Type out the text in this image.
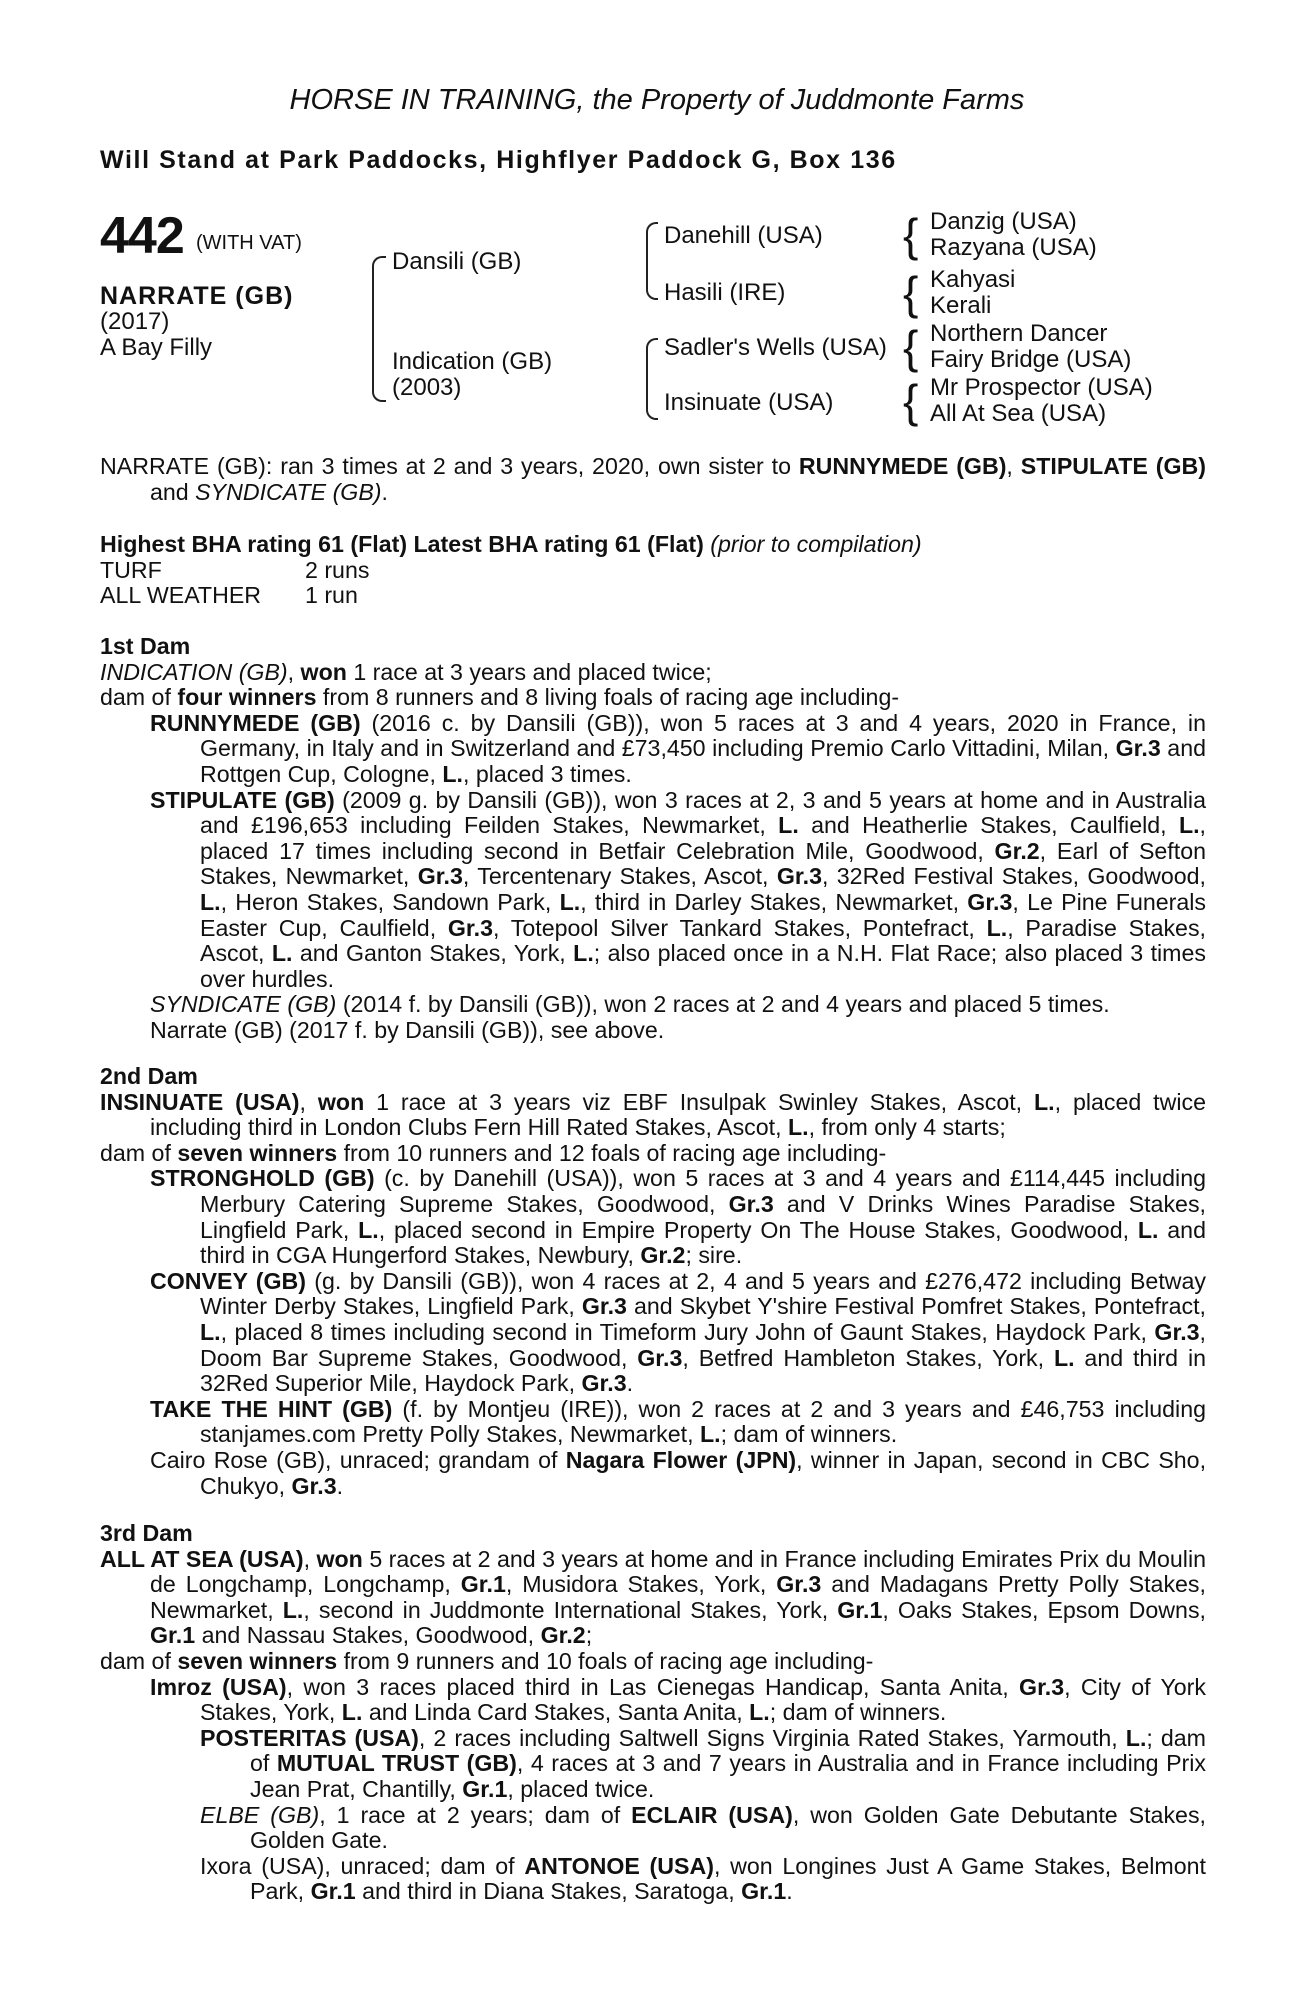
HORSE IN TRAINING, the Property of Juddmonte Farms
Will Stand at Park Paddocks, Highflyer Paddock G, Box 136
442 (WITH VAT)
NARRATE (GB)
(2017)
A Bay Filly
Dansili (GB)
Indication (GB)
(2003)
Danehill (USA)
Hasili (IRE)
Sadler's Wells (USA)
Insinuate (USA)
{ Danzig (USA)
Razyana (USA)
{ Kahyasi
Kerali
{ Northern Dancer
Fairy Bridge (USA)
{ Mr Prospector (USA)
All At Sea (USA)

NARRATE (GB): ran 3 times at 2 and 3 years, 2020, own sister to RUNNYMEDE (GB), STIPULATE (GB) and SYNDICATE (GB).

Highest BHA rating 61 (Flat) Latest BHA rating 61 (Flat) (prior to compilation)

TURF	2 runs

ALL WEATHER 1 run

1st Dam

INDICATION (GB), won 1 race at 3 years and placed twice;

dam of four winners from 8 runners and 8 living foals of racing age including-

RUNNYMEDE (GB) (2016 c. by Dansili (GB)), won 5 races at 3 and 4 years, 2020 in France, in Germany, in Italy and in Switzerland and £73,450 including Premio Carlo Vittadini, Milan, Gr.3 and Rottgen Cup, Cologne, L., placed 3 times.

STIPULATE (GB) (2009 g. by Dansili (GB)), won 3 races at 2, 3 and 5 years at home and in Australia and £196,653 including Feilden Stakes, Newmarket, L. and Heatherlie Stakes, Caulfield, L., placed 17 times including second in Betfair Celebration Mile, Goodwood, Gr.2, Earl of Sefton Stakes, Newmarket, Gr.3, Tercentenary Stakes, Ascot, Gr.3, 32Red Festival Stakes, Goodwood, L., Heron Stakes, Sandown Park, L., third in Darley Stakes, Newmarket, Gr.3, Le Pine Funerals Easter Cup, Caulfield, Gr.3, Totepool Silver Tankard Stakes, Pontefract, L., Paradise Stakes, Ascot, L. and Ganton Stakes, York, L.; also placed once in a N.H. Flat Race; also placed 3 times over hurdles.

SYNDICATE (GB) (2014 f. by Dansili (GB)), won 2 races at 2 and 4 years and placed 5 times.

Narrate (GB) (2017 f. by Dansili (GB)), see above.

2nd Dam

INSINUATE (USA), won 1 race at 3 years viz EBF Insulpak Swinley Stakes, Ascot, L., placed twice including third in London Clubs Fern Hill Rated Stakes, Ascot, L., from only 4 starts;

dam of seven winners from 10 runners and 12 foals of racing age including-

STRONGHOLD (GB) (c. by Danehill (USA)), won 5 races at 3 and 4 years and £114,445 including Merbury Catering Supreme Stakes, Goodwood, Gr.3 and V Drinks Wines Paradise Stakes, Lingfield Park, L., placed second in Empire Property On The House Stakes, Goodwood, L. and third in CGA Hungerford Stakes, Newbury, Gr.2; sire.

CONVEY (GB) (g. by Dansili (GB)), won 4 races at 2, 4 and 5 years and £276,472 including Betway Winter Derby Stakes, Lingfield Park, Gr.3 and Skybet Y'shire Festival Pomfret Stakes, Pontefract, L., placed 8 times including second in Timeform Jury John of Gaunt Stakes, Haydock Park, Gr.3, Doom Bar Supreme Stakes, Goodwood, Gr.3, Betfred Hambleton Stakes, York, L. and third in 32Red Superior Mile, Haydock Park, Gr.3.

TAKE THE HINT (GB) (f. by Montjeu (IRE)), won 2 races at 2 and 3 years and £46,753 including stanjames.com Pretty Polly Stakes, Newmarket, L.; dam of winners.

Cairo Rose (GB), unraced; grandam of Nagara Flower (JPN), winner in Japan, second in CBC Sho, Chukyo, Gr.3.

3rd Dam

ALL AT SEA (USA), won 5 races at 2 and 3 years at home and in France including Emirates Prix du Moulin de Longchamp, Longchamp, Gr.1, Musidora Stakes, York, Gr.3 and Madagans Pretty Polly Stakes, Newmarket, L., second in Juddmonte International Stakes, York, Gr.1, Oaks Stakes, Epsom Downs, Gr.1 and Nassau Stakes, Goodwood, Gr.2;

dam of seven winners from 9 runners and 10 foals of racing age including-

Imroz (USA), won 3 races placed third in Las Cienegas Handicap, Santa Anita, Gr.3, City of York Stakes, York, L. and Linda Card Stakes, Santa Anita, L.; dam of winners.

POSTERITAS (USA), 2 races including Saltwell Signs Virginia Rated Stakes, Yarmouth, L.; dam of MUTUAL TRUST (GB), 4 races at 3 and 7 years in Australia and in France including Prix Jean Prat, Chantilly, Gr.1, placed twice.

ELBE (GB), 1 race at 2 years; dam of ECLAIR (USA), won Golden Gate Debutante Stakes, Golden Gate.

Ixora (USA), unraced; dam of ANTONOE (USA), won Longines Just A Game Stakes, Belmont Park, Gr.1 and third in Diana Stakes, Saratoga, Gr.1.
